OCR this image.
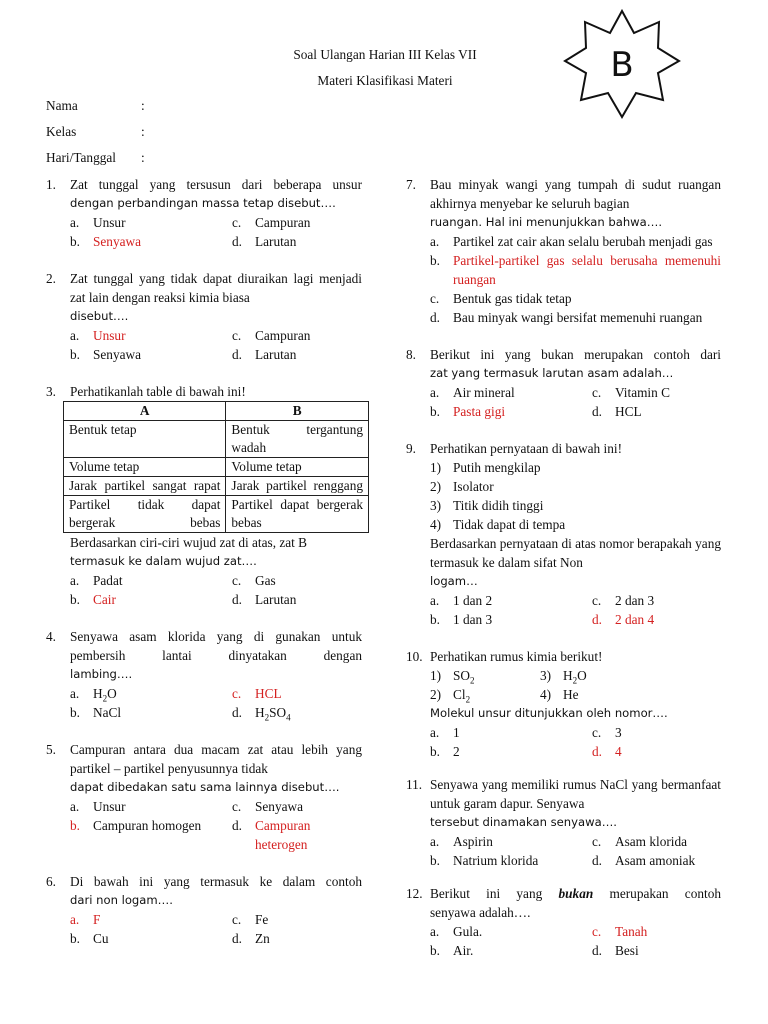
Soal Ulangan Harian III Kelas VII
Materi Klasifikasi Materi	B
Nama	:
Kelas	:
Hari/Tanggal :
1. Zat tunggal yang tersusun dari beberapa unsur
dengan perbandingan massa tetap disebut….
a.	Unsur	c.	Campuran
b. Senyawa	d. Larutan
2. Zat tunggal yang tidak dapat diuraikan lagi menjadi zat lain dengan reaksi kimia biasa
disebut….
a.	Unsur	c.	Campuran
b. Senyawa	d. Larutan
3. Perhatikanlah table di bawah ini!
A	B
Bentuk tetap	Bentuk tergantung wadah
Volume tetap	Volume tetap
Jarak partikel sangat rapat	Jarak partikel renggang
Partikel tidak dapat bergerak bebas	Partikel dapat bergerak bebas
Berdasarkan ciri-ciri wujud zat di atas, zat B
termasuk ke dalam wujud zat….
a.	Padat	c.	Gas
b. Cair	d. Larutan
4. Senyawa asam klorida yang di gunakan untuk
pembersih lantai dinyatakan dengan
lambing….
a.	$H_2O$	c.	HCL
b. NaCl	d. $H_2SO_4$
5. Campuran antara dua macam zat atau lebih yang partikel – partikel penyusunnya tidak
dapat dibedakan satu sama lainnya disebut….
a.	Unsur	c.	Senyawa
b. Campuran homogen d. Campuran heterogen
6. Di bawah ini yang termasuk ke dalam contoh
dari non logam….
a.	F	c.	Fe
b. Cu	d. Zn
7. Bau minyak wangi yang tumpah di sudut ruangan akhirnya menyebar ke seluruh bagian
ruangan. Hal ini menunjukkan bahwa….
a.	Partikel zat cair akan selalu berubah menjadi gas
b. Partikel-partikel gas selalu berusaha memenuhi ruangan
c.	Bentuk gas tidak tetap
d. Bau minyak wangi bersifat memenuhi ruangan
8. Berikut ini yang bukan merupakan contoh dari
zat yang termasuk larutan asam adalah…
a.	Air mineral	c.	Vitamin C
b. Pasta gigi	d. HCL
9. Perhatikan pernyataan di bawah ini!
1) Putih mengkilap
2) Isolator
3) Titik didih tinggi
4) Tidak dapat di tempa
Berdasarkan pernyataan di atas nomor berapakah yang termasuk ke dalam sifat Non
logam…
a.	1 dan 2	c.	2 dan 3
b. 1 dan 3	d. 2 dan 4
10. Perhatikan rumus kimia berikut!
1) $SO_2$	3) $H_2O$
2) $Cl_2$	4) He
Molekul unsur ditunjukkan oleh nomor….
a.	1	c.	3
b. 2	d. 4
11. Senyawa yang memiliki rumus NaCl yang bermanfaat untuk garam dapur. Senyawa
tersebut dinamakan senyawa….
a.	Aspirin	c.	Asam klorida
b. Natrium klorida	d. Asam amoniak
12. Berikut ini yang bukan merupakan contoh
senyawa adalah….
a.	Gula.	c.	Tanah
b. Air.	d. Besi
